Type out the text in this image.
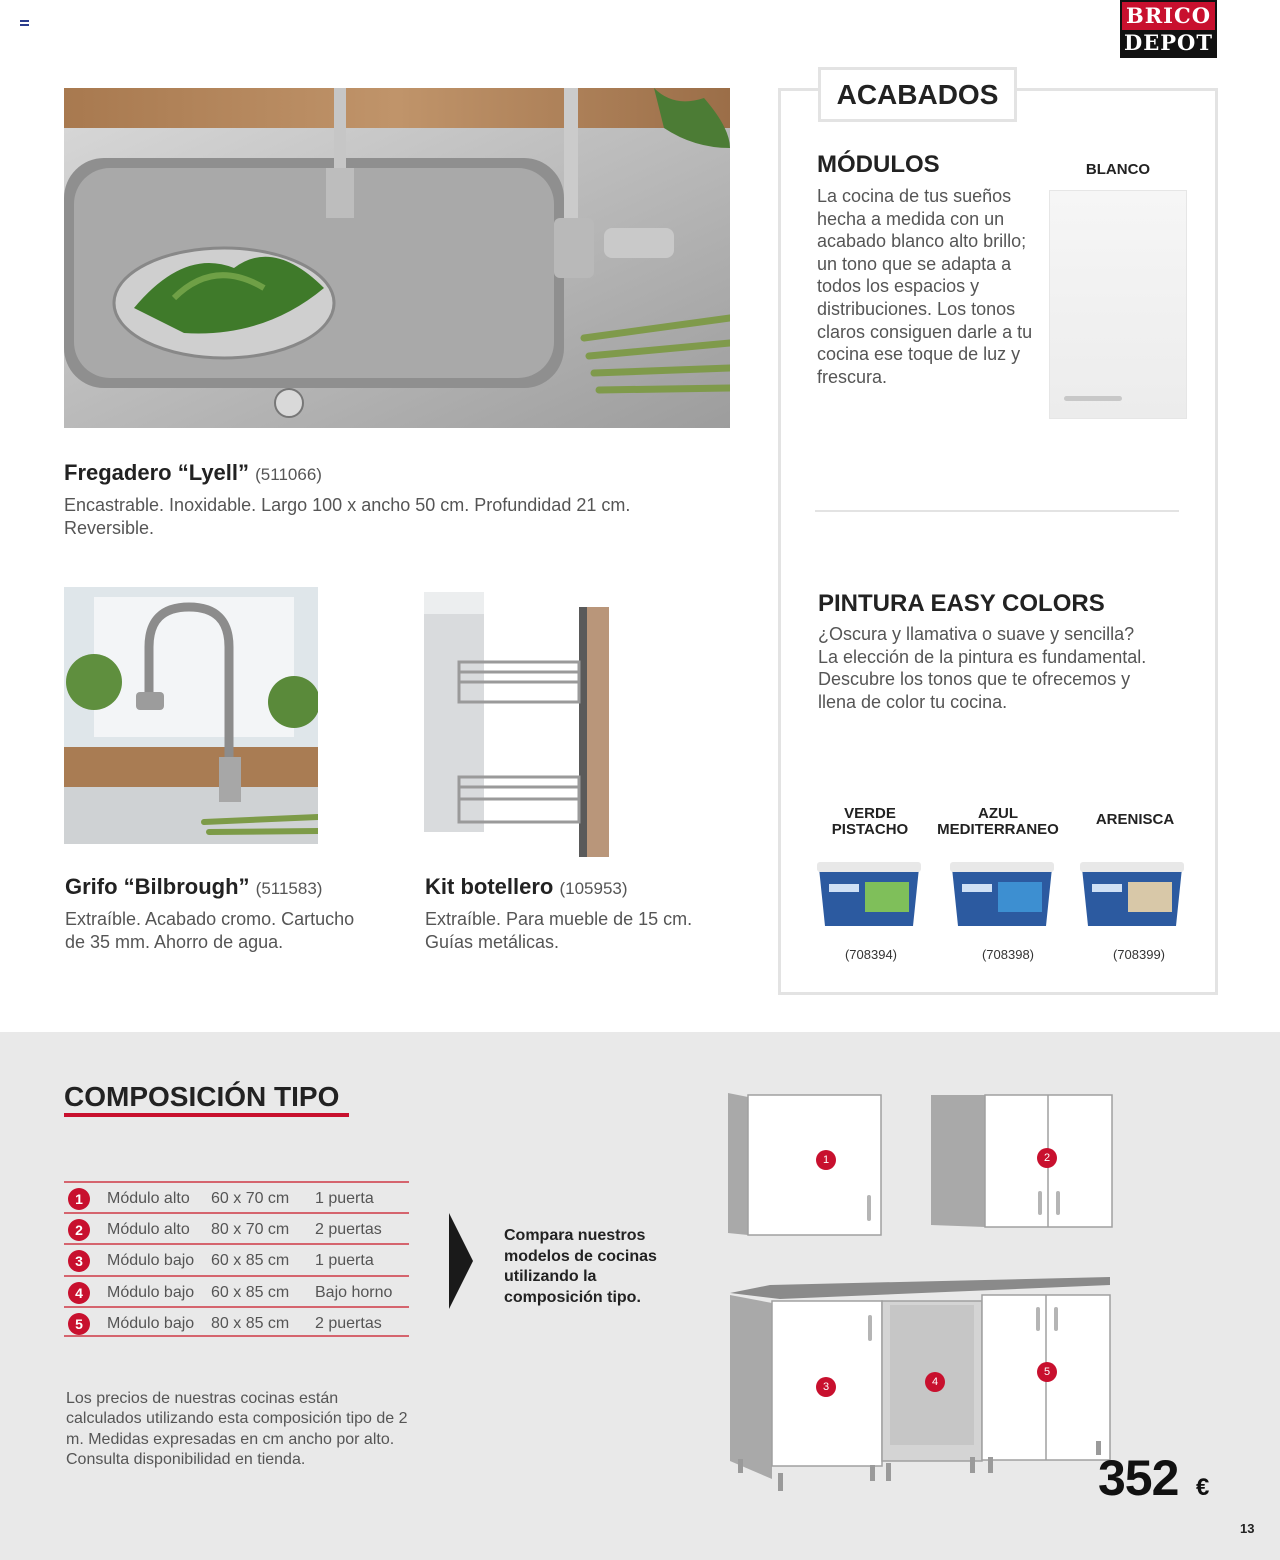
BRICO
DEPOT
Fregadero “Lyell” (511066)
Encastrable. Inoxidable. Largo 100 x ancho 50 cm. Profundidad 21 cm. Reversible.
Grifo “Bilbrough” (511583)
Extraíble. Acabado cromo. Cartucho de 35 mm. Ahorro de agua.
Kit botellero (105953)
Extraíble. Para mueble de 15 cm. Guías metálicas.
ACABADOS
MÓDULOS
La cocina de tus sueños hecha a medida con un acabado blanco alto brillo; un tono que se adapta a todos los espacios y distribuciones. Los tonos claros consiguen darle a tu cocina ese toque de luz y frescura.
BLANCO
PINTURA EASY COLORS
¿Oscura y llamativa o suave y sencilla? La elección de la pintura es fundamental. Descubre los tonos que te ofrecemos y llena de color tu cocina.
VERDE PISTACHO
AZUL MEDITERRANEO
ARENISCA
(708394)	(708398)	(708399)
COMPOSICIÓN TIPO
1	Módulo alto 60 x 70 cm 1 puerta
2	Módulo alto 80 x 70 cm 2 puertas
3	Módulo bajo 60 x 85 cm 1 puerta
4	Módulo bajo 60 x 85 cm Bajo horno
5	Módulo bajo 80 x 85 cm 2 puertas
Los precios de nuestras cocinas están calculados utilizando esta composición tipo de 2 m. Medidas expresadas en cm ancho por alto. Consulta disponibilidad en tienda.
Compara nuestros modelos de cocinas utilizando la composición tipo.
1	2
3	4
5
352 €
13
